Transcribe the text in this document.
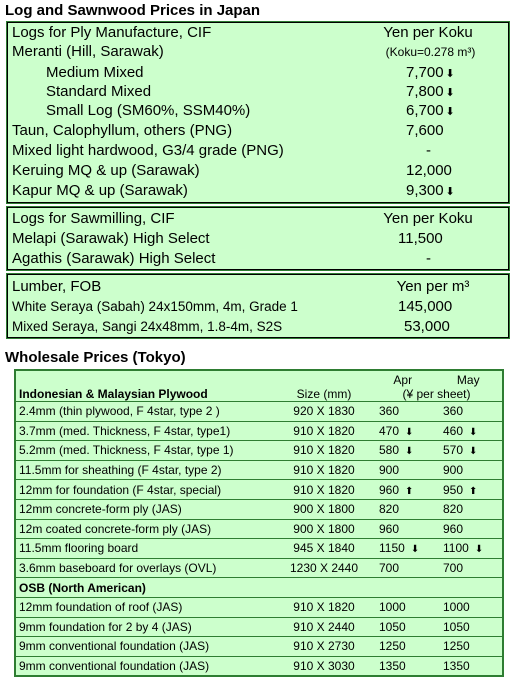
Log and Sawnwood Prices in Japan
Logs for Ply Manufacture, CIF	Yen per Koku
Meranti (Hill, Sarawak)	(Koku=0.278 m³)
Medium Mixed	7,700 ⬇
Standard Mixed	7,800 ⬇
Small Log (SM60%, SSM40%)	6,700 ⬇
Taun, Calophyllum, others (PNG)	7,600
Mixed light hardwood, G3/4 grade (PNG)	-
Keruing MQ & up (Sarawak)	12,000
Kapur MQ & up (Sarawak)	9,300 ⬇
Logs for Sawmilling, CIF	Yen per Koku
Melapi (Sarawak) High Select	11,500
Agathis (Sarawak) High Select	-
Lumber, FOB	Yen per m³
White Seraya (Sabah) 24x150mm, 4m, Grade 1	145,000
Mixed Seraya, Sangi 24x48mm, 1.8-4m, S2S	53,000
Wholesale Prices (Tokyo)
Indonesian & Malaysian Plywood	Size (mm)	Apr May
(¥ per sheet)	

2.4mm (thin plywood, F 4star, type 2 )	920 X 1830	360	360
3.7mm (med. Thickness, F 4star, type1)	910 X 1820	470 ⬇	460 ⬇
5.2mm (med. Thickness, F 4star, type 1)	910 X 1820	580 ⬇	570 ⬇
11.5mm for sheathing (F 4star, type 2)	910 X 1820	900	900
12mm for foundation (F 4star, special)	910 X 1820	960 ⬆	950 ⬆
12mm concrete-form ply (JAS)	900 X 1800	820	820
12m coated concrete-form ply (JAS)	900 X 1800	960	960
11.5mm flooring board	945 X 1840	1150 ⬇	1100 ⬇
3.6mm baseboard for overlays (OVL)	1230 X 2440	700	700
OSB (North American)			
12mm foundation of roof (JAS)	910 X 1820	1000	1000
9mm foundation for 2 by 4 (JAS)	910 X 2440	1050	1050
9mm conventional foundation (JAS)	910 X 2730	1250	1250
9mm conventional foundation (JAS)	910 X 3030	1350	1350
